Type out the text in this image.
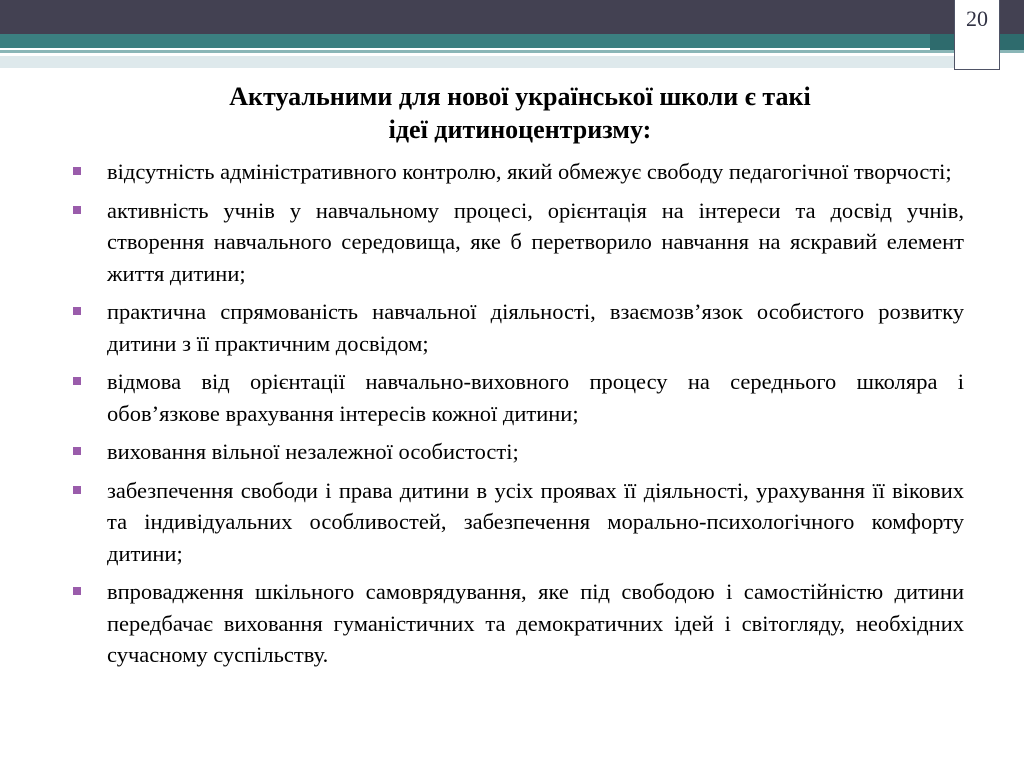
20
Актуальними для нової української школи є такі
ідеї дитиноцентризму:
відсутність адміністративного контролю, який обмежує свободу педагогічної творчості;
активність учнів у навчальному процесі, орієнтація на інтереси та досвід учнів, створення навчального середовища, яке б перетворило навчання на яскравий елемент життя дитини;
практична спрямованість навчальної діяльності, взаємозв’язок особистого розвитку дитини з її практичним досвідом;
відмова від орієнтації навчально-виховного процесу на середнього школяра і обов’язкове врахування інтересів кожної дитини;
виховання вільної незалежної особистості;
забезпечення свободи і права дитини в усіх проявах її діяльності, урахування її вікових та індивідуальних особливостей, забезпечення морально-психологічного комфорту дитини;
впровадження шкільного самоврядування, яке під свободою і самостійністю дитини передбачає виховання гуманістичних та демократичних ідей і світогляду, необхідних сучасному суспільству.
